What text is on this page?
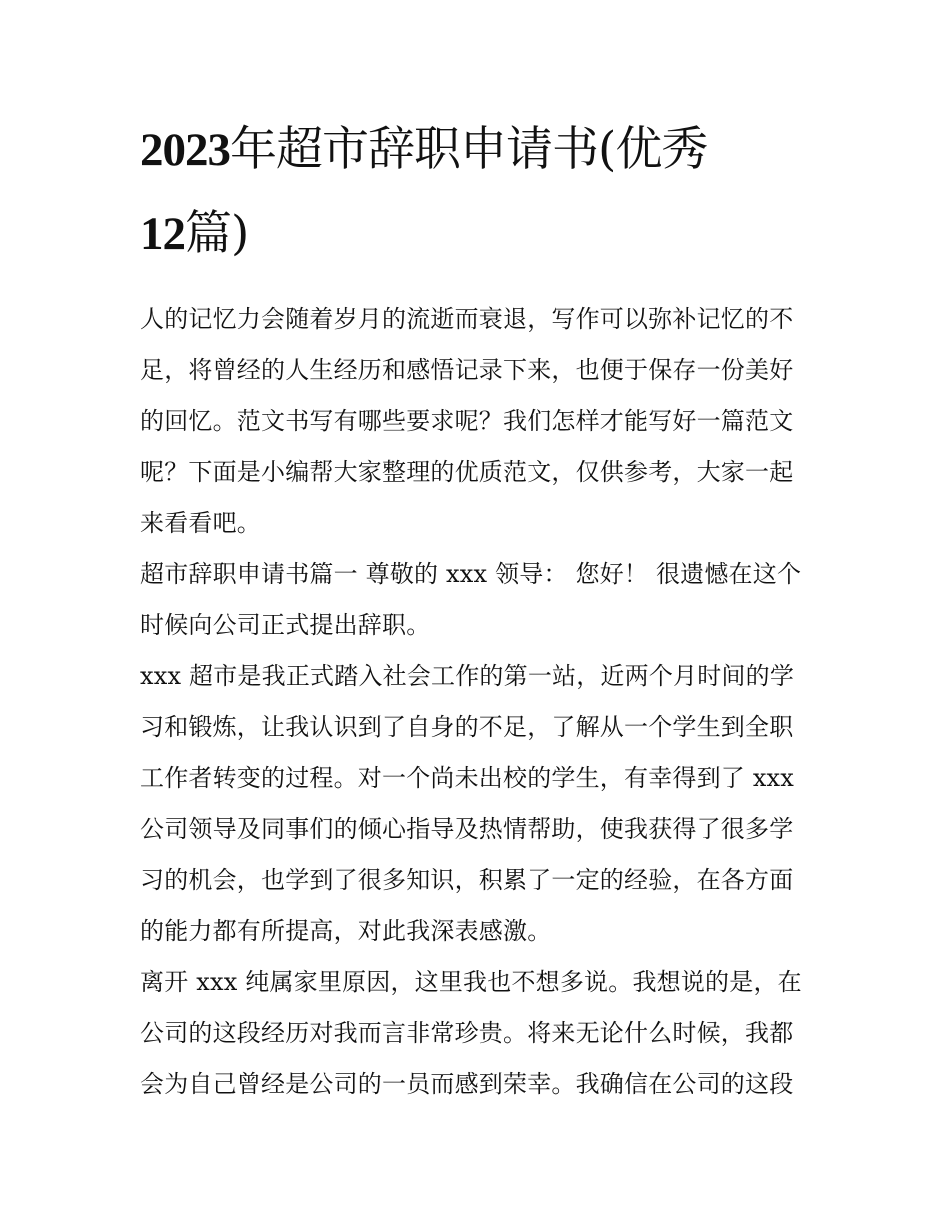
2023年超市辞职申请书(优秀
12篇)
人的记忆力会随着岁月的流逝而衰退，写作可以弥补记忆的不
足，将曾经的人生经历和感悟记录下来，也便于保存一份美好
的回忆。范文书写有哪些要求呢？我们怎样才能写好一篇范文
呢？下面是小编帮大家整理的优质范文，仅供参考，大家一起
来看看吧。
超市辞职申请书篇一 尊敬的 xxx 领导： 您好！ 很遗憾在这个
时候向公司正式提出辞职。
xxx 超市是我正式踏入社会工作的第一站，近两个月时间的学
习和锻炼，让我认识到了自身的不足，了解从一个学生到全职
工作者转变的过程。对一个尚未出校的学生，有幸得到了 xxx
公司领导及同事们的倾心指导及热情帮助，使我获得了很多学
习的机会，也学到了很多知识，积累了一定的经验，在各方面
的能力都有所提高，对此我深表感激。
离开 xxx 纯属家里原因，这里我也不想多说。我想说的是，在
公司的这段经历对我而言非常珍贵。将来无论什么时候，我都
会为自己曾经是公司的一员而感到荣幸。我确信在公司的这段
